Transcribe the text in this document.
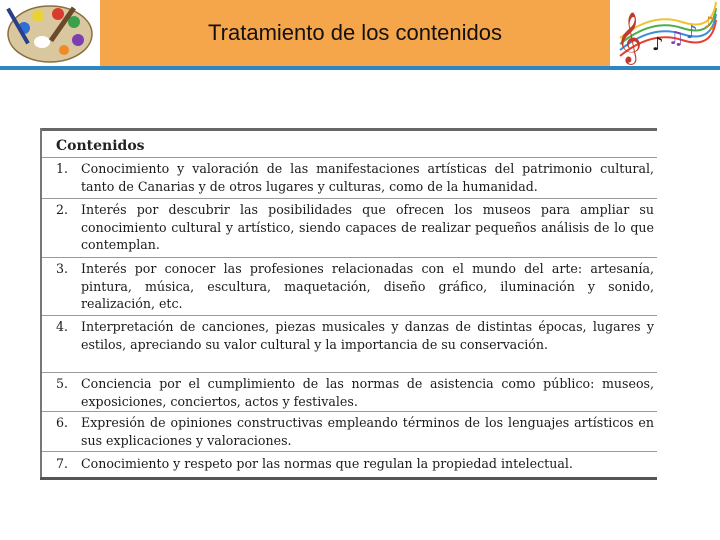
Tratamiento de los contenidos	𝄞 ♪ ♫ ♪ ♫
Contenidos
1.	Conocimiento y valoración de las manifestaciones artísticas del patrimonio cultural, tanto de Canarias y de otros lugares y culturas, como de la humanidad.
2.	Interés por descubrir las posibilidades que ofrecen los museos para ampliar su conocimiento cultural y artístico, siendo capaces de realizar pequeños análisis de lo que contemplan.
3.	Interés por conocer las profesiones relacionadas con el mundo del arte: artesanía, pintura, música, escultura, maquetación, diseño gráfico, iluminación y sonido, realización, etc.
4.	Interpretación de canciones, piezas musicales y danzas de distintas épocas, lugares y estilos, apreciando su valor cultural y la importancia de su conservación.
5.	Conciencia por el cumplimiento de las normas de asistencia como público: museos, exposiciones, conciertos, actos y festivales.
6.	Expresión de opiniones constructivas empleando términos de los lenguajes artísticos en sus explicaciones y valoraciones.
7.	Conocimiento y respeto por las normas que regulan la propiedad intelectual.
